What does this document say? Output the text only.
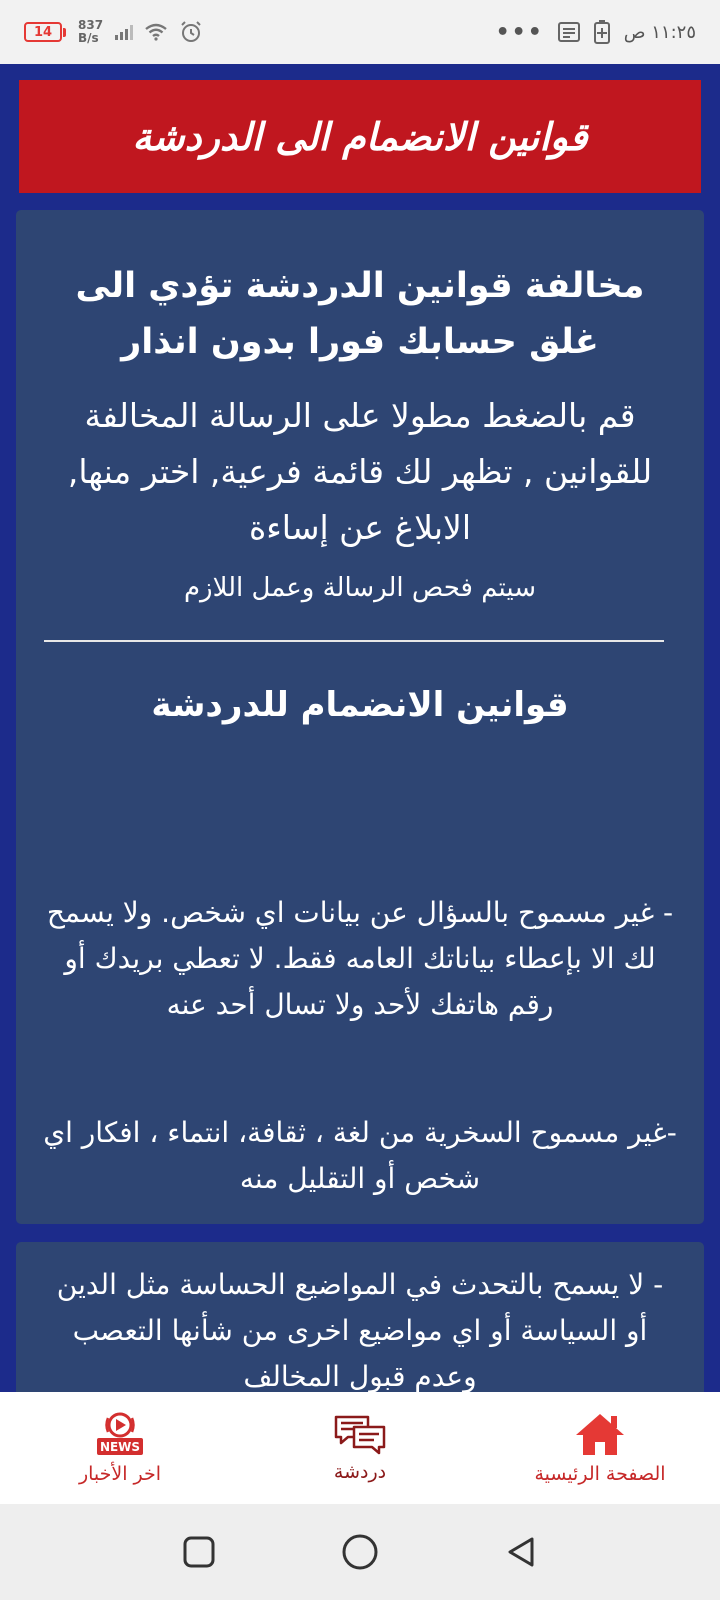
14	837
B/s	•••	١١:٢٥ ص
قوانين الانضمام الى الدردشة
مخالفة قوانين الدردشة تؤدي الى غلق حسابك فورا بدون انذار
قم بالضغط مطولا على الرسالة المخالفة للقوانين , تظهر لك قائمة فرعية, اختر منها, الابلاغ عن إساءة
سيتم فحص الرسالة وعمل اللازم
قوانين الانضمام للدردشة
- غير مسموح بالسؤال عن بيانات اي شخص. ولا يسمح لك الا بإعطاء بياناتك العامه فقط. لا تعطي بريدك أو رقم هاتفك لأحد ولا تسال أحد عنه
-غير مسموح السخرية من لغة ، ثقافة، انتماء ، افكار اي شخص أو التقليل منه
- لا يسمح بالتحدث في المواضيع الحساسة مثل الدين أو السياسة أو اي مواضيع اخرى من شأنها التعصب وعدم قبول المخالف
NEWS
اخر الأخبار	دردشة	الصفحة الرئيسية
